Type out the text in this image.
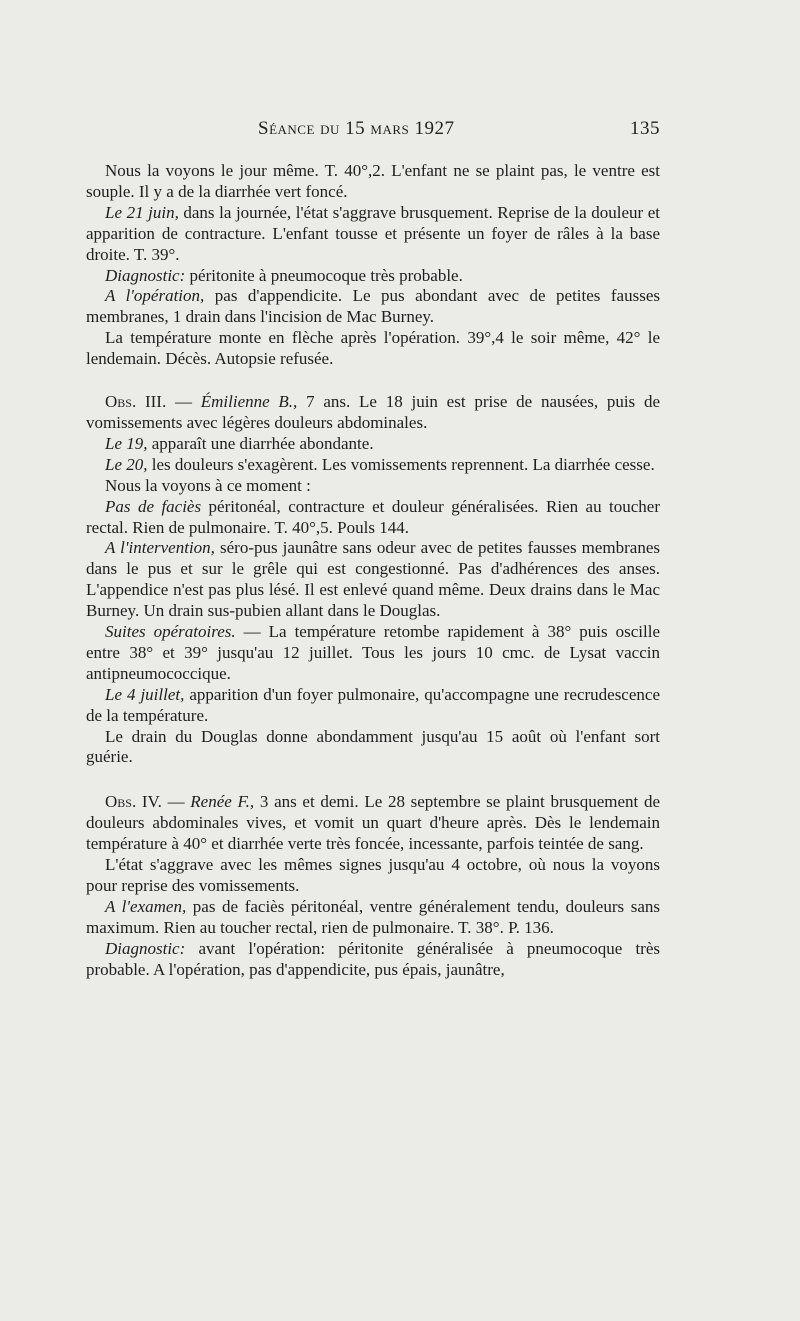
Séance du 15 mars 1927	135

Nous la voyons le jour même. T. 40°,2. L'enfant ne se plaint pas, le ventre est souple. Il y a de la diarrhée vert foncé.

Le 21 juin, dans la journée, l'état s'aggrave brusquement. Reprise de la douleur et apparition de contracture. L'enfant tousse et présente un foyer de râles à la base droite. T. 39°.

Diagnostic: péritonite à pneumocoque très probable.

A l'opération, pas d'appendicite. Le pus abondant avec de petites fausses membranes, 1 drain dans l'incision de Mac Burney.

La température monte en flèche après l'opération. 39°,4 le soir même, 42° le lendemain. Décès. Autopsie refusée.

Obs. III. — Émilienne B., 7 ans. Le 18 juin est prise de nausées, puis de vomissements avec légères douleurs abdominales.

Le 19, apparaît une diarrhée abondante.

Le 20, les douleurs s'exagèrent. Les vomissements reprennent. La diarrhée cesse.

Nous la voyons à ce moment :

Pas de faciès péritonéal, contracture et douleur généralisées. Rien au toucher rectal. Rien de pulmonaire. T. 40°,5. Pouls 144.

A l'intervention, séro-pus jaunâtre sans odeur avec de petites fausses membranes dans le pus et sur le grêle qui est congestionné. Pas d'adhérences des anses. L'appendice n'est pas plus lésé. Il est enlevé quand même. Deux drains dans le Mac Burney. Un drain sus-pubien allant dans le Douglas.

Suites opératoires. — La température retombe rapidement à 38° puis oscille entre 38° et 39° jusqu'au 12 juillet. Tous les jours 10 cmc. de Lysat vaccin antipneumococcique.

Le 4 juillet, apparition d'un foyer pulmonaire, qu'accompagne une recrudescence de la température.

Le drain du Douglas donne abondamment jusqu'au 15 août où l'enfant sort guérie.

Obs. IV. — Renée F., 3 ans et demi. Le 28 septembre se plaint brusquement de douleurs abdominales vives, et vomit un quart d'heure après. Dès le lendemain température à 40° et diarrhée verte très foncée, incessante, parfois teintée de sang.

L'état s'aggrave avec les mêmes signes jusqu'au 4 octobre, où nous la voyons pour reprise des vomissements.

A l'examen, pas de faciès péritonéal, ventre généralement tendu, douleurs sans maximum. Rien au toucher rectal, rien de pulmonaire. T. 38°. P. 136.

Diagnostic: avant l'opération: péritonite généralisée à pneumocoque très probable. A l'opération, pas d'appendicite, pus épais, jaunâtre,
